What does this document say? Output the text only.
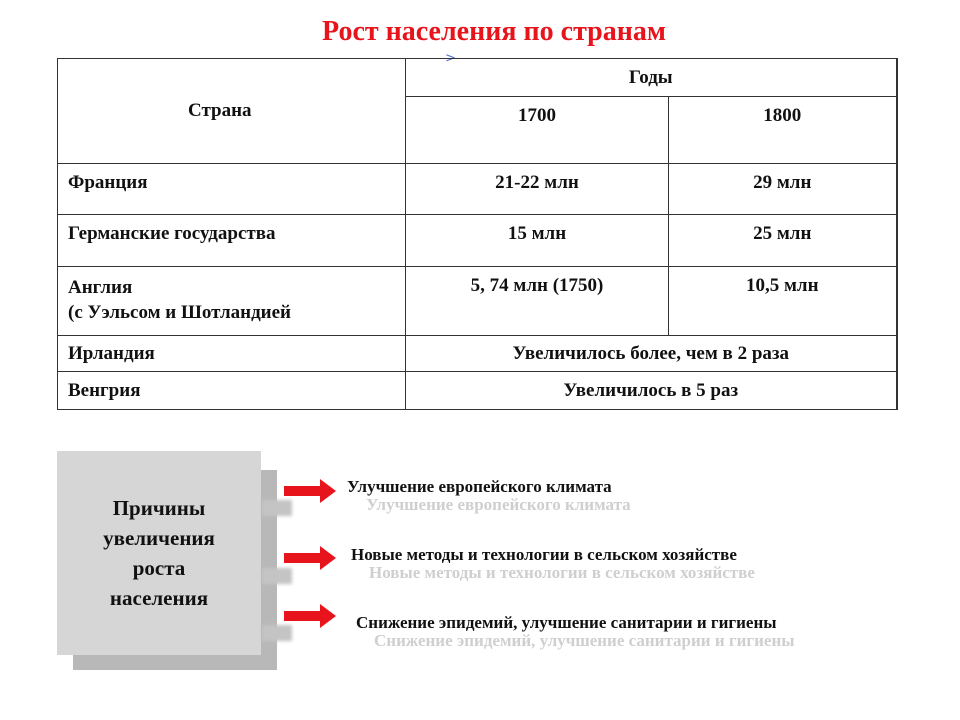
Рост населения по странам
>
Страна	Годы	

	1700	1800

Франция	21-22 млн	29 млн

Германские государства	15 млн	25 млн

Англия
(с Уэльсом и Шотландией	5, 74 млн (1750)	10,5 млн

Ирландия	Увеличилось более, чем в 2 раза	
Венгрия	Увеличилось в 5 раз	
Причины
увеличения
роста
населения
Улучшение европейского климата
Улучшение европейского климата
Новые методы и технологии в сельском хозяйстве
Новые методы и технологии в сельском хозяйстве
Снижение эпидемий, улучшение санитарии и гигиены
Снижение эпидемий, улучшение санитарии и гигиены
